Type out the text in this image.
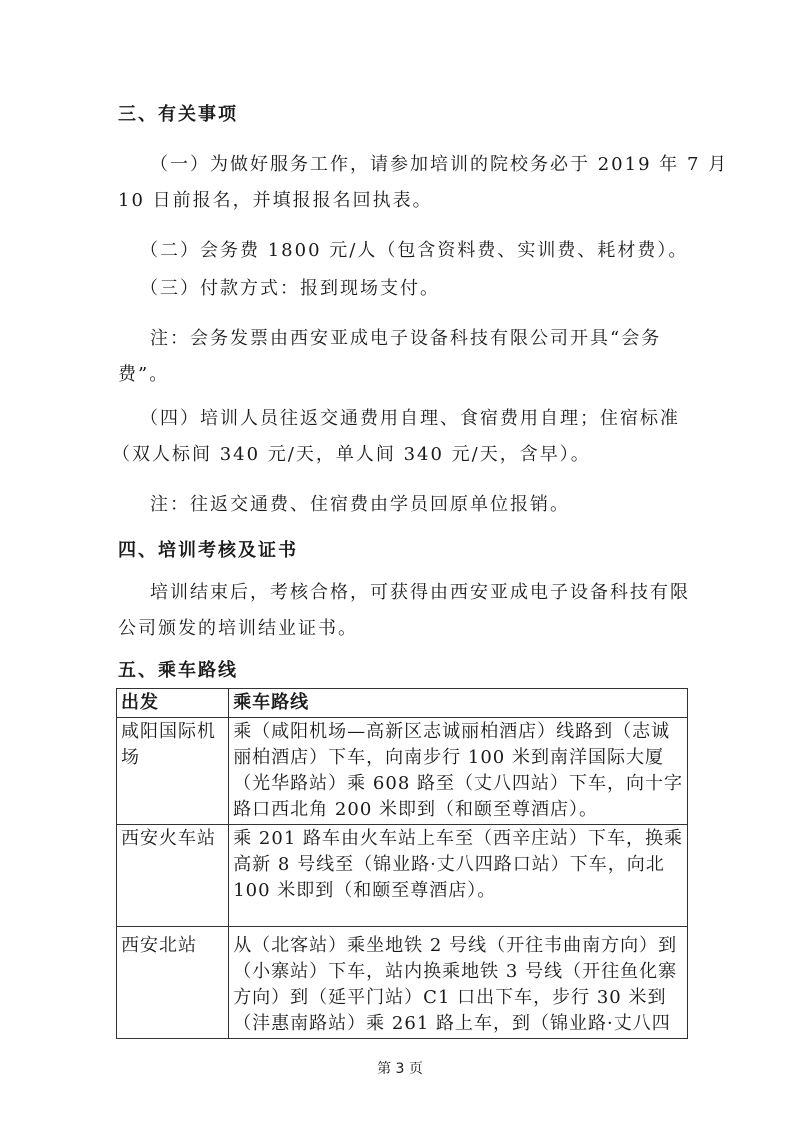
三、有关事项
（一）为做好服务工作，请参加培训的院校务必于 2019 年 7 月
10 日前报名，并填报报名回执表。
（二）会务费 1800 元/人（包含资料费、实训费、耗材费）。
（三）付款方式：报到现场支付。
注：会务发票由西安亚成电子设备科技有限公司开具“会务
费”。
（四）培训人员往返交通费用自理、食宿费用自理；住宿标准
（双人标间 340 元/天，单人间 340 元/天，含早）。
注：往返交通费、住宿费由学员回原单位报销。
四、培训考核及证书
培训结束后，考核合格，可获得由西安亚成电子设备科技有限
公司颁发的培训结业证书。
五、乘车路线
出发	乘车路线

咸阳国际机
场	乘（咸阳机场—高新区志诚丽柏酒店）线路到（志诚
丽柏酒店）下车，向南步行 100 米到南洋国际大厦
（光华路站）乘 608 路至（丈八四站）下车，向十字
路口西北角 200 米即到（和颐至尊酒店）。

西安火车站	乘 201 路车由火车站上车至（西辛庄站）下车，换乘
高新 8 号线至（锦业路·丈八四路口站）下车，向北
100 米即到（和颐至尊酒店）。

西安北站	从（北客站）乘坐地铁 2 号线（开往韦曲南方向）到
（小寨站）下车，站内换乘地铁 3 号线（开往鱼化寨
方向）到（延平门站）C1 口出下车，步行 30 米到
（沣惠南路站）乘 261 路上车，到（锦业路·丈八四
第 3 页
